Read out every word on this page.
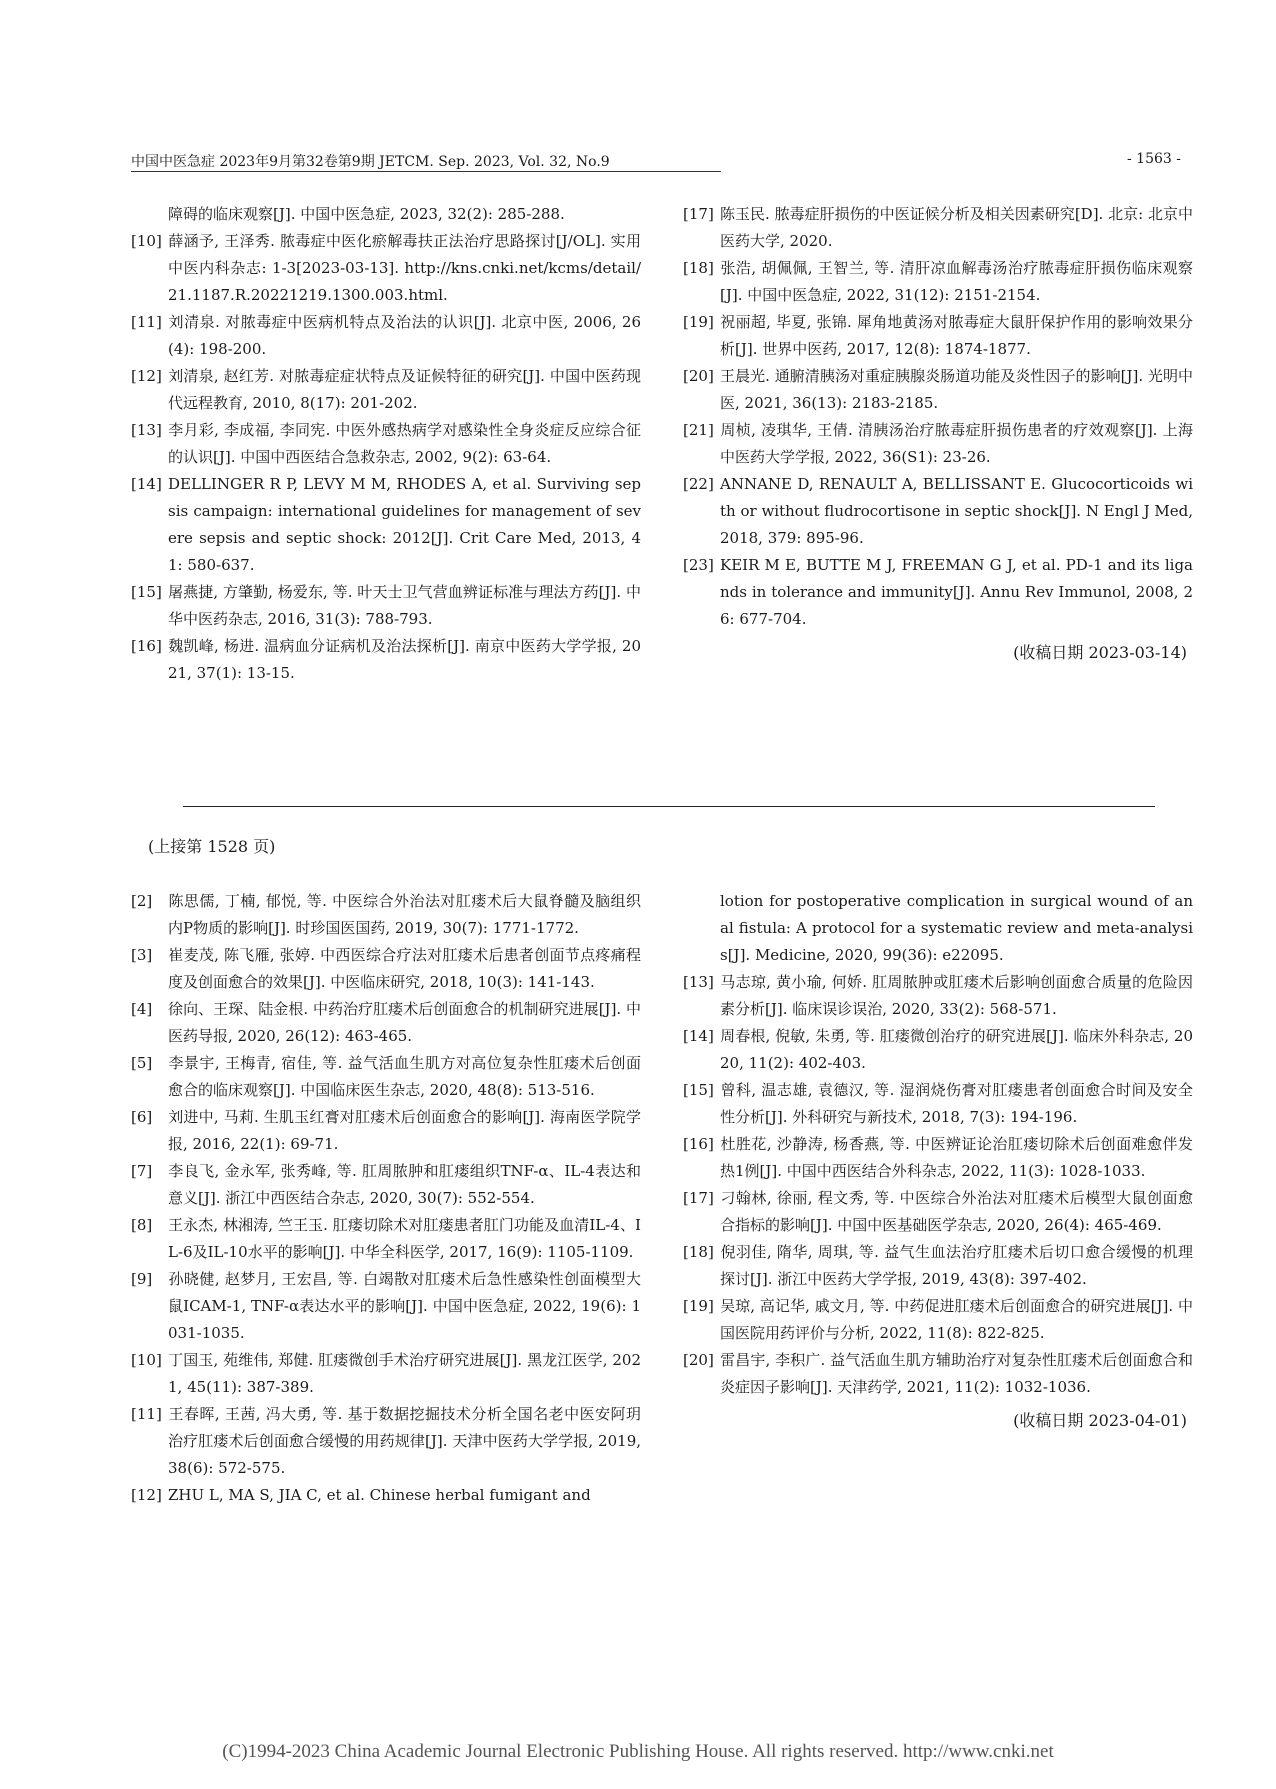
中国中医急症 2023年9月第32卷第9期 JETCM. Sep. 2023, Vol. 32, No.9	- 1563 -

障碍的临床观察[J]. 中国中医急症, 2023, 32(2): 285-288.

[10] 薛涵予, 王泽秀. 脓毒症中医化瘀解毒扶正法治疗思路探讨[J/OL]. 实用中医内科杂志: 1-3[2023-03-13]. http://kns.cnki.net/kcms/detail/21.1187.R.20221219.1300.003.html.

[11] 刘清泉. 对脓毒症中医病机特点及治法的认识[J]. 北京中医, 2006, 26(4): 198-200.

[12] 刘清泉, 赵红芳. 对脓毒症症状特点及证候特征的研究[J]. 中国中医药现代远程教育, 2010, 8(17): 201-202.

[13] 李月彩, 李成福, 李同宪. 中医外感热病学对感染性全身炎症反应综合征的认识[J]. 中国中西医结合急救杂志, 2002, 9(2): 63-64.

[14] DELLINGER R P, LEVY M M, RHODES A, et al. Surviving sepsis campaign: international guidelines for management of severe sepsis and septic shock: 2012[J]. Crit Care Med, 2013, 41: 580-637.

[15] 屠燕捷, 方肇勤, 杨爱东, 等. 叶天士卫气营血辨证标准与理法方药[J]. 中华中医药杂志, 2016, 31(3): 788-793.

[16] 魏凯峰, 杨进. 温病血分证病机及治法探析[J]. 南京中医药大学学报, 2021, 37(1): 13-15.

[17] 陈玉民. 脓毒症肝损伤的中医证候分析及相关因素研究[D]. 北京: 北京中医药大学, 2020.

[18] 张浩, 胡佩佩, 王智兰, 等. 清肝凉血解毒汤治疗脓毒症肝损伤临床观察[J]. 中国中医急症, 2022, 31(12): 2151-2154.

[19] 祝丽超, 毕夏, 张锦. 犀角地黄汤对脓毒症大鼠肝保护作用的影响效果分析[J]. 世界中医药, 2017, 12(8): 1874-1877.

[20] 王晨光. 通腑清胰汤对重症胰腺炎肠道功能及炎性因子的影响[J]. 光明中医, 2021, 36(13): 2183-2185.

[21] 周桢, 凌琪华, 王倩. 清胰汤治疗脓毒症肝损伤患者的疗效观察[J]. 上海中医药大学学报, 2022, 36(S1): 23-26.

[22] ANNANE D, RENAULT A, BELLISSANT E. Glucocorticoids with or without fludrocortisone in septic shock[J]. N Engl J Med, 2018, 379: 895-96.

[23] KEIR M E, BUTTE M J, FREEMAN G J, et al. PD-1 and its ligands in tolerance and immunity[J]. Annu Rev Immunol, 2008, 26: 677-704.

(收稿日期 2023-03-14)

(上接第 1528 页)

[2] 陈思儒, 丁楠, 郁悦, 等. 中医综合外治法对肛瘘术后大鼠脊髓及脑组织内P物质的影响[J]. 时珍国医国药, 2019, 30(7): 1771-1772.

[3] 崔麦茂, 陈飞雁, 张婷. 中西医综合疗法对肛瘘术后患者创面节点疼痛程度及创面愈合的效果[J]. 中医临床研究, 2018, 10(3): 141-143.

[4] 徐向、王琛、陆金根. 中药治疗肛瘘术后创面愈合的机制研究进展[J]. 中医药导报, 2020, 26(12): 463-465.

[5] 李景宇, 王梅青, 宿佳, 等. 益气活血生肌方对高位复杂性肛瘘术后创面愈合的临床观察[J]. 中国临床医生杂志, 2020, 48(8): 513-516.

[6] 刘进中, 马莉. 生肌玉红膏对肛瘘术后创面愈合的影响[J]. 海南医学院学报, 2016, 22(1): 69-71.

[7] 李良飞, 金永军, 张秀峰, 等. 肛周脓肿和肛瘘组织TNF-α、IL-4表达和意义[J]. 浙江中西医结合杂志, 2020, 30(7): 552-554.

[8] 王永杰, 林湘涛, 竺王玉. 肛瘘切除术对肛瘘患者肛门功能及血清IL-4、IL-6及IL-10水平的影响[J]. 中华全科医学, 2017, 16(9): 1105-1109.

[9] 孙晓健, 赵梦月, 王宏昌, 等. 白竭散对肛瘘术后急性感染性创面模型大鼠ICAM-1, TNF-α表达水平的影响[J]. 中国中医急症, 2022, 19(6): 1031-1035.

[10] 丁国玉, 苑维伟, 郑健. 肛瘘微创手术治疗研究进展[J]. 黑龙江医学, 2021, 45(11): 387-389.

[11] 王春晖, 王茜, 冯大勇, 等. 基于数据挖掘技术分析全国名老中医安阿玥治疗肛瘘术后创面愈合缓慢的用药规律[J]. 天津中医药大学学报, 2019, 38(6): 572-575.

[12] ZHU L, MA S, JIA C, et al. Chinese herbal fumigant and

lotion for postoperative complication in surgical wound of anal fistula: A protocol for a systematic review and meta-analysis[J]. Medicine, 2020, 99(36): e22095.

[13] 马志琼, 黄小瑜, 何娇. 肛周脓肿或肛瘘术后影响创面愈合质量的危险因素分析[J]. 临床误诊误治, 2020, 33(2): 568-571.

[14] 周春根, 倪敏, 朱勇, 等. 肛瘘微创治疗的研究进展[J]. 临床外科杂志, 2020, 11(2): 402-403.

[15] 曾科, 温志雄, 袁德汉, 等. 湿润烧伤膏对肛瘘患者创面愈合时间及安全性分析[J]. 外科研究与新技术, 2018, 7(3): 194-196.

[16] 杜胜花, 沙静涛, 杨香燕, 等. 中医辨证论治肛瘘切除术后创面难愈伴发热1例[J]. 中国中西医结合外科杂志, 2022, 11(3): 1028-1033.

[17] 刁翰林, 徐丽, 程文秀, 等. 中医综合外治法对肛瘘术后模型大鼠创面愈合指标的影响[J]. 中国中医基础医学杂志, 2020, 26(4): 465-469.

[18] 倪羽佳, 隋华, 周琪, 等. 益气生血法治疗肛瘘术后切口愈合缓慢的机理探讨[J]. 浙江中医药大学学报, 2019, 43(8): 397-402.

[19] 吴琼, 高记华, 戚文月, 等. 中药促进肛瘘术后创面愈合的研究进展[J]. 中国医院用药评价与分析, 2022, 11(8): 822-825.

[20] 雷昌宇, 李积广. 益气活血生肌方辅助治疗对复杂性肛瘘术后创面愈合和炎症因子影响[J]. 天津药学, 2021, 11(2): 1032-1036.

(收稿日期 2023-04-01)

(C)1994-2023 China Academic Journal Electronic Publishing House. All rights reserved. http://www.cnki.net
